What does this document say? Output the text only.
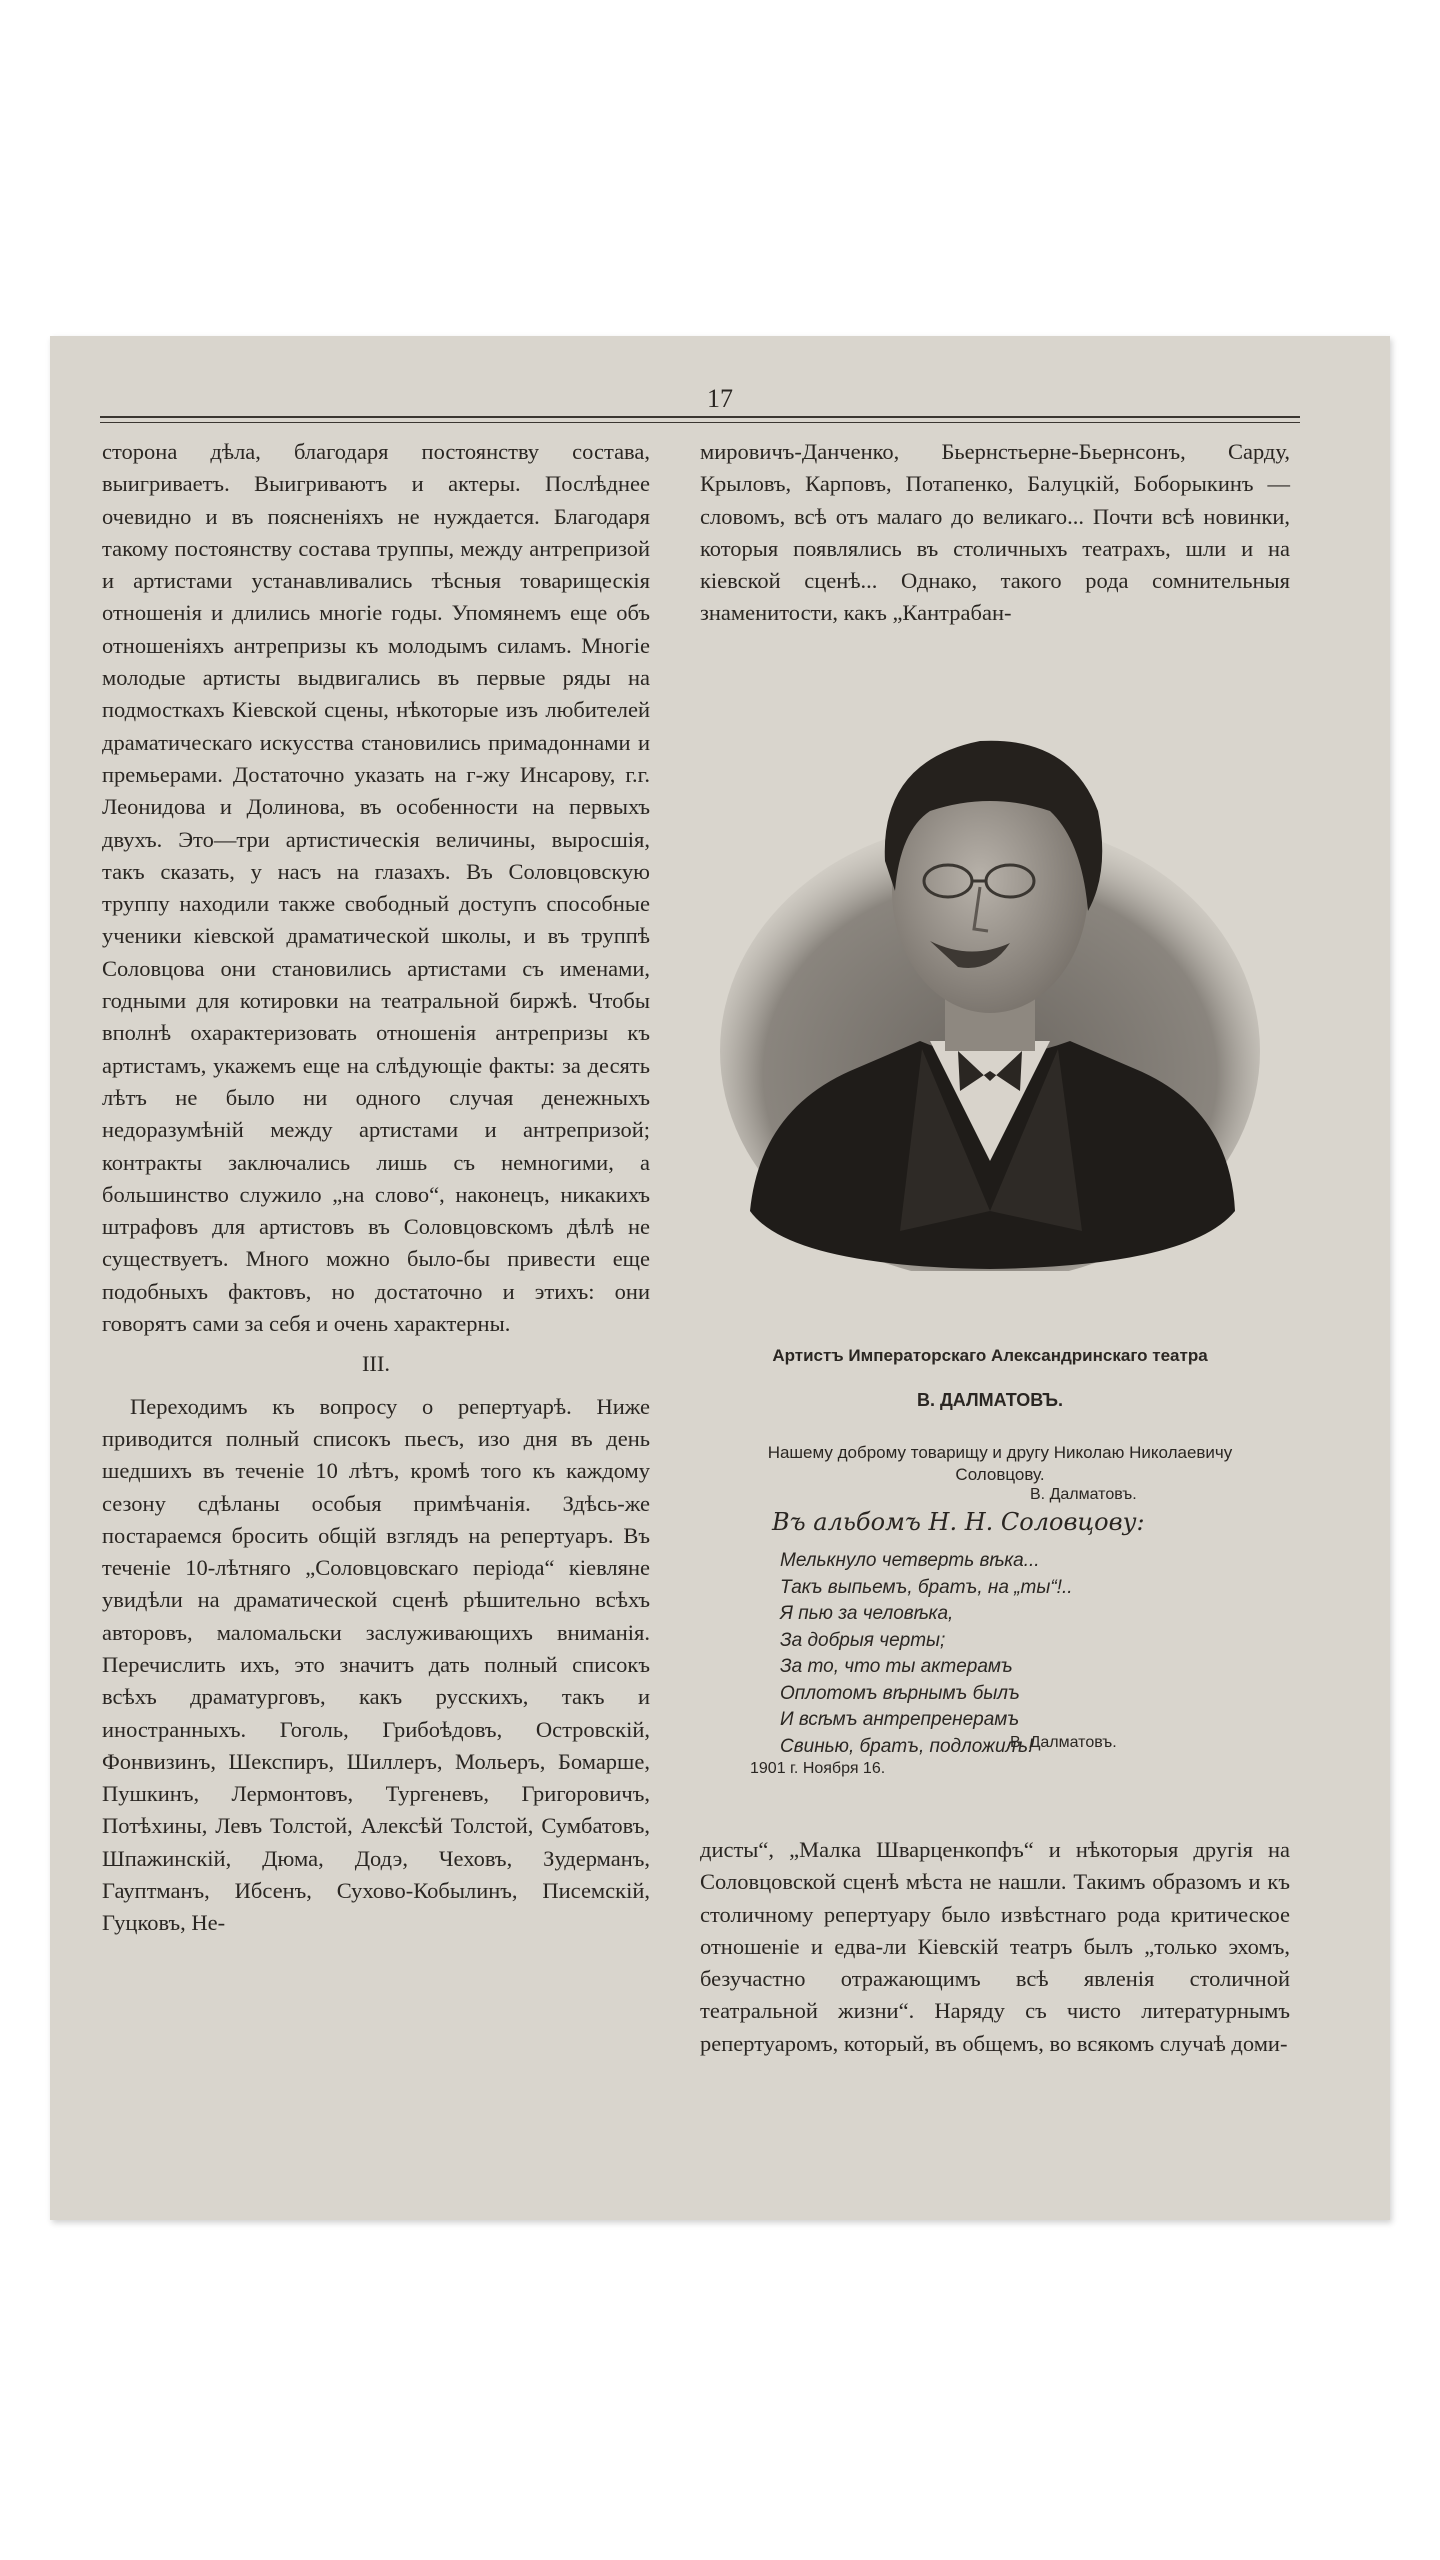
17

сторона дѣла, благодаря постоянству состава, выигриваетъ. Выигриваютъ и актеры. Послѣднее очевидно и въ поясненіяхъ не нуждается. Благодаря такому постоянству состава труппы, между антрепризой и артистами устанавливались тѣсныя товарищескія отношенія и длились многіе годы. Упомянемъ еще объ отношеніяхъ антрепризы къ молодымъ силамъ. Многіе молодые артисты выдвигались въ первые ряды на подмосткахъ Кіевской сцены, нѣкоторые изъ любителей драматическаго искусства становились примадоннами и премьерами. Достаточно указать на г-жу Инсарову, г.г. Леонидова и Долинова, въ особенности на первыхъ двухъ. Это—три артистическія величины, выросшія, такъ сказать, у насъ на глазахъ. Въ Соловцовскую труппу находили также свободный доступъ способные ученики кіевской драматической школы, и въ труппѣ Соловцова они становились артистами съ именами, годными для котировки на театральной биржѣ. Чтобы вполнѣ охарактеризовать отношенія антрепризы къ артистамъ, укажемъ еще на слѣдующіе факты: за десять лѣтъ не было ни одного случая денежныхъ недоразумѣній между артистами и антрепризой; контракты заключались лишь съ немногими, а большинство служило „на слово“, наконецъ, никакихъ штрафовъ для артистовъ въ Соловцовскомъ дѣлѣ не существуетъ. Много можно было-бы привести еще подобныхъ фактовъ, но достаточно и этихъ: они говорятъ сами за себя и очень характерны.

III.

Переходимъ къ вопросу о репертуарѣ. Ниже приводится полный списокъ пьесъ, изо дня въ день шедшихъ въ теченіе 10 лѣтъ, кромѣ того къ каждому сезону сдѣланы особыя примѣчанія. Здѣсь-же постараемся бросить общій взглядъ на репертуаръ. Въ теченіе 10-лѣтняго „Соловцовскаго періода“ кіевляне увидѣли на драматической сценѣ рѣшительно всѣхъ авторовъ, маломальски заслуживающихъ вниманія. Перечислить ихъ, это значитъ дать полный списокъ всѣхъ драматурговъ, какъ русскихъ, такъ и иностранныхъ. Гоголь, Грибоѣдовъ, Островскій, Фонвизинъ, Шекспиръ, Шиллеръ, Мольеръ, Бомарше, Пушкинъ, Лермонтовъ, Тургеневъ, Григоровичъ, Потѣхины, Левъ Толстой, Алексѣй Толстой, Сумбатовъ, Шпажинскій, Дюма, Додэ, Чеховъ, Зудерманъ, Гауптманъ, Ибсенъ, Сухово-Кобылинъ, Писемскій, Гуцковъ, Не-

мировичъ-Данченко, Бьернстьерне-Бьернсонъ, Сарду, Крыловъ, Карповъ, Потапенко, Балуцкій, Боборыкинъ — словомъ, всѣ отъ малаго до великаго... Почти всѣ новинки, которыя появлялись въ столичныхъ театрахъ, шли и на кіевской сценѣ... Однако, такого рода сомнительныя знаменитости, какъ „Кантрабан-

Артистъ Императорскаго Александринскаго театра
В. ДАЛМАТОВЪ.
Нашему доброму товарищу и другу Николаю Николаевичу Соловцову.
В. Далматовъ.
Въ альбомъ Н. Н. Соловцову:
Мелькнуло четверть вѣка...
Такъ выпьемъ, братъ, на „ты“!..
Я пью за человѣка,
За добрыя черты;
За то, что ты актерамъ
Оплотомъ вѣрнымъ былъ
И всѣмъ антрепренерамъ
Свинью, братъ, подложилъ!
В. Далматовъ.
1901 г. Ноября 16.

дисты“, „Малка Шварценкопфъ“ и нѣкоторыя другія на Соловцовской сценѣ мѣста не нашли. Такимъ образомъ и къ столичному репертуару было извѣстнаго рода критическое отношеніе и едва-ли Кіевскій театръ былъ „только эхомъ, безучастно отражающимъ всѣ явленія столичной театральной жизни“. Наряду съ чисто литературнымъ репертуаромъ, который, въ общемъ, во всякомъ случаѣ доми-
